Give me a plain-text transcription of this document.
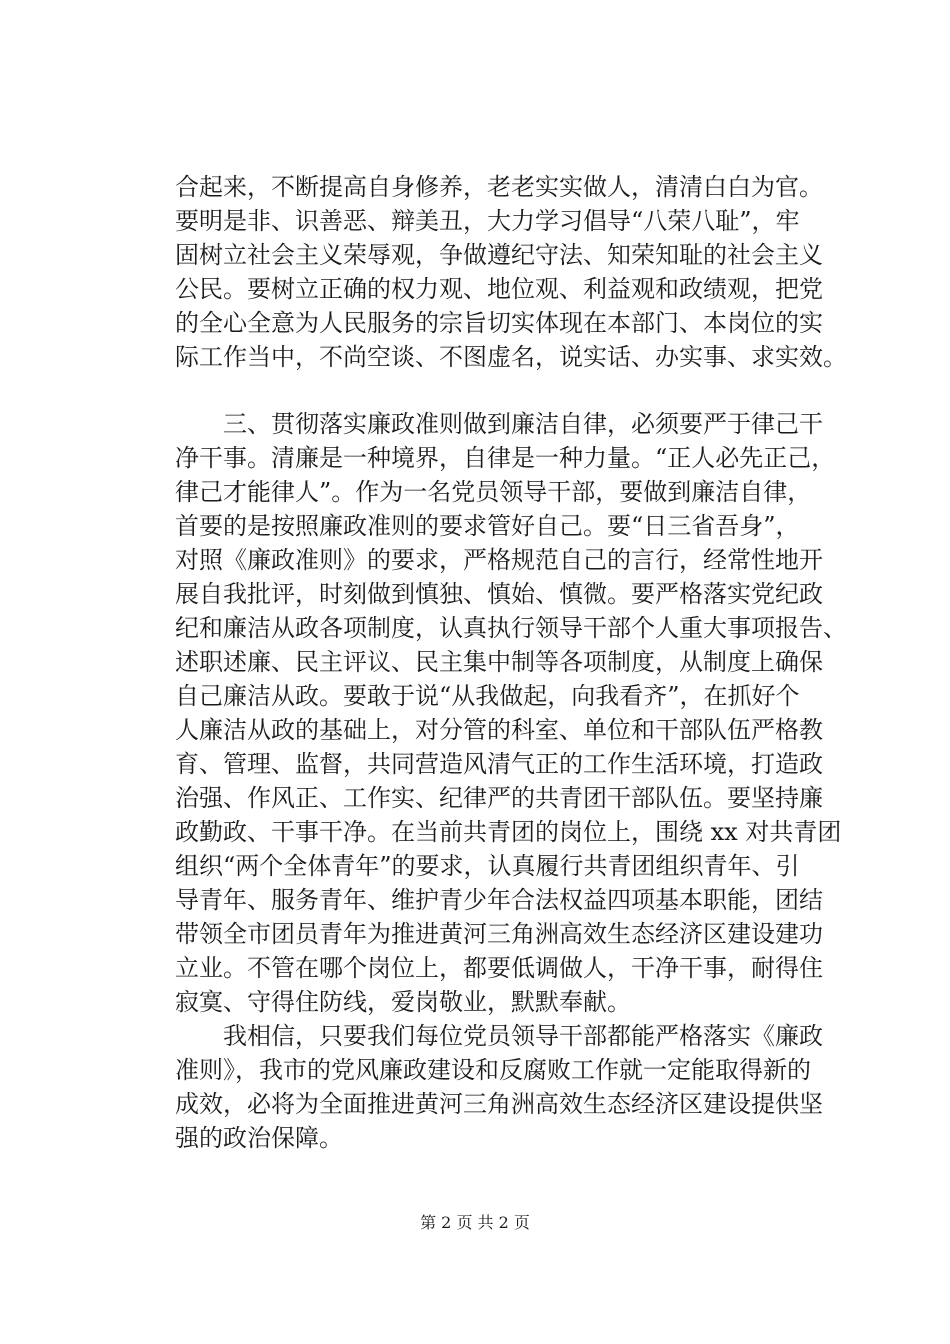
合起来，不断提高自身修养，老老实实做人，清清白白为官。
要明是非、识善恶、辩美丑，大力学习倡导“八荣八耻”，牢
固树立社会主义荣辱观，争做遵纪守法、知荣知耻的社会主义
公民。要树立正确的权力观、地位观、利益观和政绩观，把党
的全心全意为人民服务的宗旨切实体现在本部门、本岗位的实
际工作当中，不尚空谈、不图虚名，说实话、办实事、求实效。
　　三、贯彻落实廉政准则做到廉洁自律，必须要严于律己干
净干事。清廉是一种境界，自律是一种力量。“正人必先正己，
律己才能律人”。作为一名党员领导干部，要做到廉洁自律，
首要的是按照廉政准则的要求管好自己。要“日三省吾身”，
对照《廉政准则》的要求，严格规范自己的言行，经常性地开
展自我批评，时刻做到慎独、慎始、慎微。要严格落实党纪政
纪和廉洁从政各项制度，认真执行领导干部个人重大事项报告、
述职述廉、民主评议、民主集中制等各项制度，从制度上确保
自己廉洁从政。要敢于说“从我做起，向我看齐”，在抓好个
人廉洁从政的基础上，对分管的科室、单位和干部队伍严格教
育、管理、监督，共同营造风清气正的工作生活环境，打造政
治强、作风正、工作实、纪律严的共青团干部队伍。要坚持廉
政勤政、干事干净。在当前共青团的岗位上，围绕 xx 对共青团
组织“两个全体青年”的要求，认真履行共青团组织青年、引
导青年、服务青年、维护青少年合法权益四项基本职能，团结
带领全市团员青年为推进黄河三角洲高效生态经济区建设建功
立业。不管在哪个岗位上，都要低调做人，干净干事，耐得住
寂寞、守得住防线，爱岗敬业，默默奉献。
　　我相信，只要我们每位党员领导干部都能严格落实《廉政
准则》，我市的党风廉政建设和反腐败工作就一定能取得新的
成效，必将为全面推进黄河三角洲高效生态经济区建设提供坚
强的政治保障。
第 2 页 共 2 页
